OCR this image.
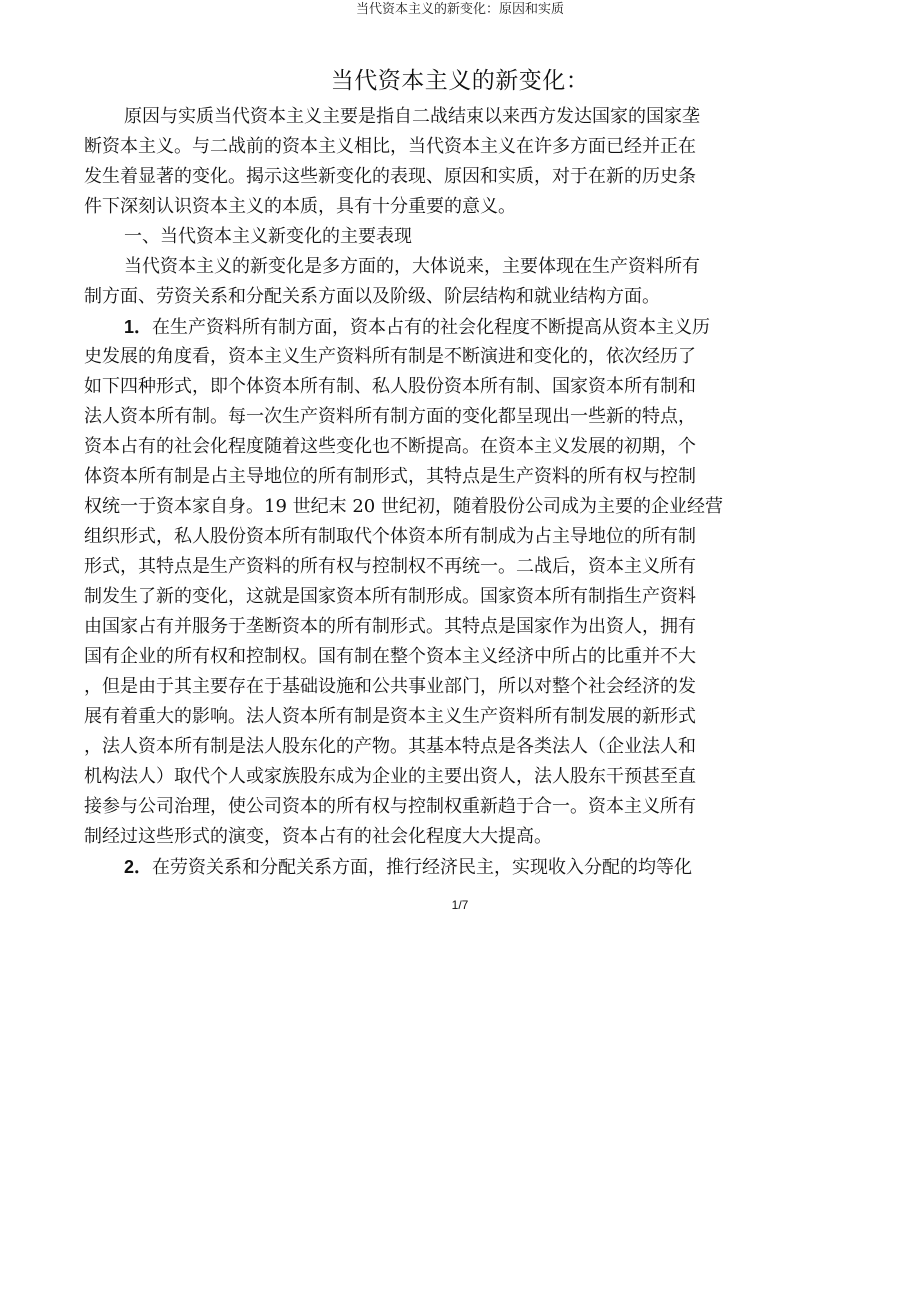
当代资本主义的新变化：原因和实质
当代资本主义的新变化：
原因与实质当代资本主义主要是指自二战结束以来西方发达国家的国家垄
断资本主义。与二战前的资本主义相比，当代资本主义在许多方面已经并正在
发生着显著的变化。揭示这些新变化的表现、原因和实质，对于在新的历史条
件下深刻认识资本主义的本质，具有十分重要的意义。
一、当代资本主义新变化的主要表现
当代资本主义的新变化是多方面的，大体说来，主要体现在生产资料所有
制方面、劳资关系和分配关系方面以及阶级、阶层结构和就业结构方面。
1．在生产资料所有制方面，资本占有的社会化程度不断提高从资本主义历
史发展的角度看，资本主义生产资料所有制是不断演进和变化的，依次经历了
如下四种形式，即个体资本所有制、私人股份资本所有制、国家资本所有制和
法人资本所有制。每一次生产资料所有制方面的变化都呈现出一些新的特点，
资本占有的社会化程度随着这些变化也不断提高。在资本主义发展的初期，个
体资本所有制是占主导地位的所有制形式，其特点是生产资料的所有权与控制
权统一于资本家自身。19 世纪末 20 世纪初，随着股份公司成为主要的企业经营
组织形式，私人股份资本所有制取代个体资本所有制成为占主导地位的所有制
形式，其特点是生产资料的所有权与控制权不再统一。二战后，资本主义所有
制发生了新的变化，这就是国家资本所有制形成。国家资本所有制指生产资料
由国家占有并服务于垄断资本的所有制形式。其特点是国家作为出资人，拥有
国有企业的所有权和控制权。国有制在整个资本主义经济中所占的比重并不大
，但是由于其主要存在于基础设施和公共事业部门，所以对整个社会经济的发
展有着重大的影响。法人资本所有制是资本主义生产资料所有制发展的新形式
，法人资本所有制是法人股东化的产物。其基本特点是各类法人（企业法人和
机构法人）取代个人或家族股东成为企业的主要出资人，法人股东干预甚至直
接参与公司治理，使公司资本的所有权与控制权重新趋于合一。资本主义所有
制经过这些形式的演变，资本占有的社会化程度大大提高。
2．在劳资关系和分配关系方面，推行经济民主，实现收入分配的均等化
1/7
